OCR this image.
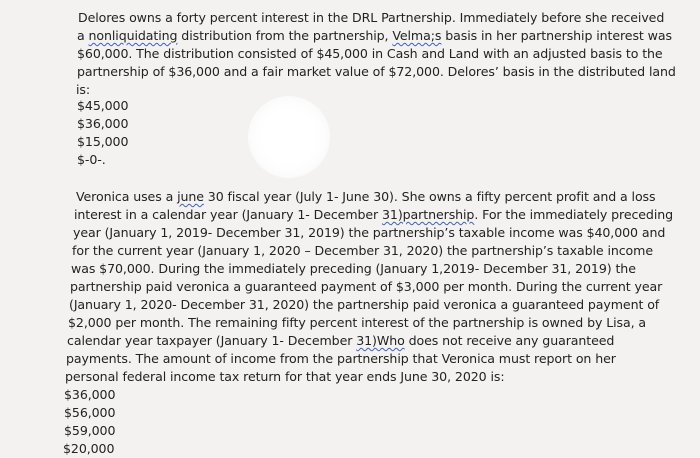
Delores owns a forty percent interest in the DRL Partnership. Immediately before she received
a nonliquidating distribution from the partnership, Velma;s basis in her partnership interest was
$60,000. The distribution consisted of $45,000 in Cash and Land with an adjusted basis to the
partnership of $36,000 and a fair market value of $72,000. Delores’ basis in the distributed land
is:
$45,000
$36,000
$15,000
$-0-.
Veronica uses a june 30 fiscal year (July 1- June 30). She owns a fifty percent profit and a loss
interest in a calendar year (January 1- December 31)partnership. For the immediately preceding
year (January 1, 2019- December 31, 2019) the partnership’s taxable income was $40,000 and
for the current year (January 1, 2020 – December 31, 2020) the partnership’s taxable income
was $70,000. During the immediately preceding (January 1,2019- December 31, 2019) the
partnership paid veronica a guaranteed payment of $3,000 per month. During the current year
(January 1, 2020- December 31, 2020) the partnership paid veronica a guaranteed payment of
$2,000 per month. The remaining fifty percent interest of the partnership is owned by Lisa, a
calendar year taxpayer (January 1- December 31)Who does not receive any guaranteed
payments. The amount of income from the partnership that Veronica must report on her
personal federal income tax return for that year ends June 30, 2020 is:
$36,000
$56,000
$59,000
$20,000
